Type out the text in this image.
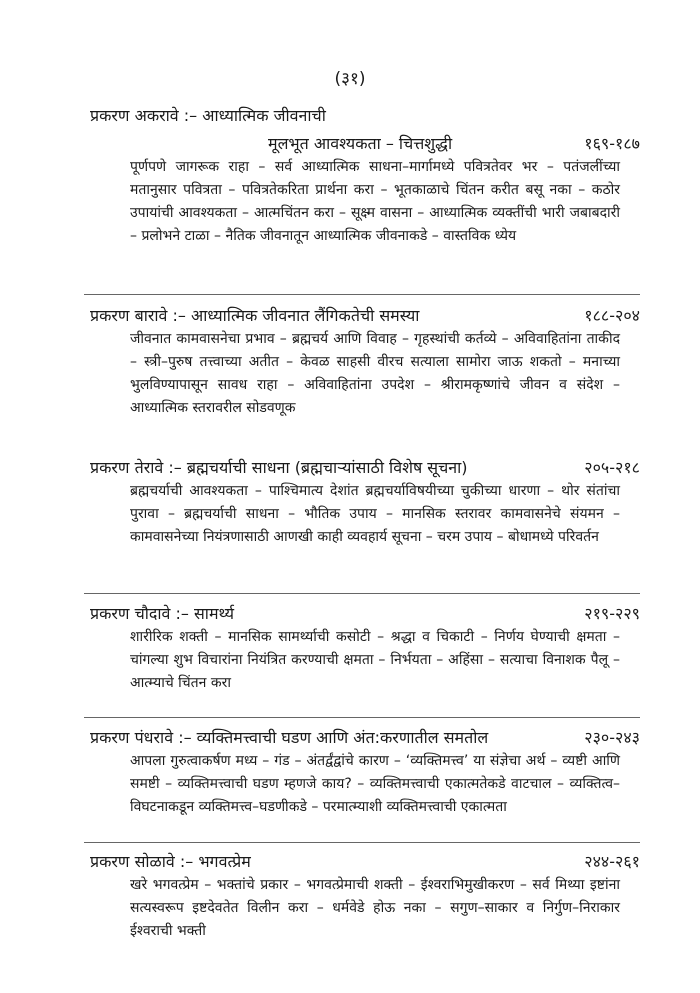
(३१)
प्रकरण अकरावे :– आध्यात्मिक जीवनाची
मूलभूत आवश्यकता – चित्तशुद्धी	१६९-१८७
पूर्णपणे जागरूक राहा – सर्व आध्यात्मिक साधना–मार्गामध्ये पवित्रतेवर भर – पतंजलींच्या मतानुसार पवित्रता – पवित्रतेकरिता प्रार्थना करा – भूतकाळाचे चिंतन करीत बसू नका – कठोर उपायांची आवश्यकता – आत्मचिंतन करा – सूक्ष्म वासना – आध्यात्मिक व्यक्तींची भारी जबाबदारी – प्रलोभने टाळा – नैतिक जीवनातून आध्यात्मिक जीवनाकडे – वास्तविक ध्येय
प्रकरण बारावे :– आध्यात्मिक जीवनात लैंगिकतेची समस्या	१८८-२०४
जीवनात कामवासनेचा प्रभाव – ब्रह्मचर्य आणि विवाह – गृहस्थांची कर्तव्ये – अविवाहितांना ताकीद – स्त्री–पुरुष तत्त्वाच्या अतीत – केवळ साहसी वीरच सत्याला सामोरा जाऊ शकतो – मनाच्या भुलविण्यापासून सावध राहा – अविवाहितांना उपदेश – श्रीरामकृष्णांचे जीवन व संदेश – आध्यात्मिक स्तरावरील सोडवणूक
प्रकरण तेरावे :– ब्रह्मचर्याची साधना (ब्रह्मचाऱ्यांसाठी विशेष सूचना)	२०५-२१८
ब्रह्मचर्याची आवश्यकता – पाश्चिमात्य देशांत ब्रह्मचर्याविषयीच्या चुकीच्या धारणा – थोर संतांचा पुरावा – ब्रह्मचर्याची साधना – भौतिक उपाय – मानसिक स्तरावर कामवासनेचे संयमन – कामवासनेच्या नियंत्रणासाठी आणखी काही व्यवहार्य सूचना – चरम उपाय – बोधामध्ये परिवर्तन
प्रकरण चौदावे :– सामर्थ्य	२१९-२२९
शारीरिक शक्ती – मानसिक सामर्थ्याची कसोटी – श्रद्धा व चिकाटी – निर्णय घेण्याची क्षमता – चांगल्या शुभ विचारांना नियंत्रित करण्याची क्षमता – निर्भयता – अहिंसा – सत्याचा विनाशक पैलू – आत्म्याचे चिंतन करा
प्रकरण पंधरावे :– व्यक्तिमत्त्वाची घडण आणि अंत:करणातील समतोल	२३०-२४३
आपला गुरुत्वाकर्षण मध्य – गंड – अंतर्द्वंद्वांचे कारण – ‘व्यक्तिमत्त्व’ या संज्ञेचा अर्थ – व्यष्टी आणि समष्टी – व्यक्तिमत्त्वाची घडण म्हणजे काय? – व्यक्तिमत्त्वाची एकात्मतेकडे वाटचाल – व्यक्तित्व–विघटनाकडून व्यक्तिमत्त्व–घडणीकडे – परमात्म्याशी व्यक्तिमत्त्वाची एकात्मता
प्रकरण सोळावे :– भगवत्प्रेम	२४४-२६१
खरे भगवत्प्रेम – भक्तांचे प्रकार – भगवत्प्रेमाची शक्ती – ईश्वराभिमुखीकरण – सर्व मिथ्या इष्टांना सत्यस्वरूप इष्टदेवतेत विलीन करा – धर्मवेडे होऊ नका – सगुण–साकार व निर्गुण–निराकार ईश्वराची भक्ती
